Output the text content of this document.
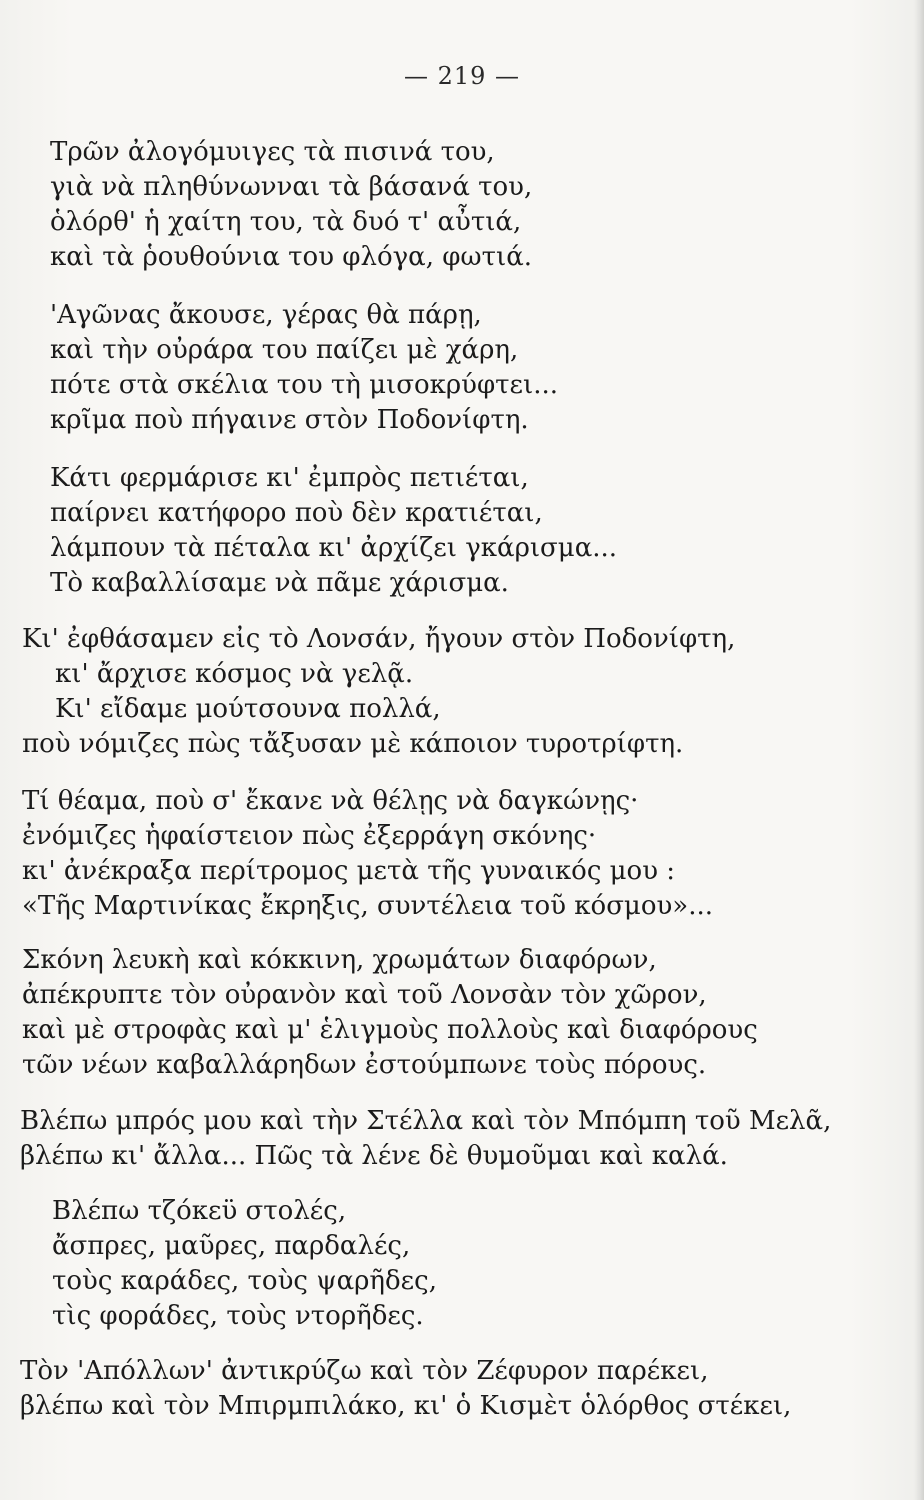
— 219 —
Τρῶν ἀλογόμυιγες τὰ πισινά του,
γιὰ νὰ πληθύνωνναι τὰ βάσανά του,
ὁλόρθ' ἡ χαίτη του, τὰ δυό τ' αὖτιά,
καὶ τὰ ῥουθούνια του φλόγα, φωτιά.
'Αγῶνας ἄκουσε, γέρας θὰ πάρῃ,
καὶ τὴν οὐράρα του παίζει μὲ χάρη,
πότε στὰ σκέλια του τὴ μισοκρύφτει...
κρῖμα ποὺ πήγαινε στὸν Ποδονίφτη.
Κάτι φερμάρισε κι' ἐμπρὸς πετιέται,
παίρνει κατήφορο ποὺ δὲν κρατιέται,
λάμπουν τὰ πέταλα κι' ἀρχίζει γκάρισμα...
Τὸ καβαλλίσαμε νὰ πᾶμε χάρισμα.
Κι' ἐφθάσαμεν εἰς τὸ Λονσάν, ἤγουν στὸν Ποδονίφτη,
κι' ἄρχισε κόσμος νὰ γελᾷ.
Κι' εἴδαμε μούτσουνα πολλά,
ποὺ νόμιζες πὼς τἄξυσαν μὲ κάποιον τυροτρίφτη.
Τί θέαμα, ποὺ σ' ἔκανε νὰ θέλῃς νὰ δαγκώνῃς·
ἐνόμιζες ἡφαίστειον πὼς ἐξερράγη σκόνης·
κι' ἀνέκραξα περίτρομος μετὰ τῆς γυναικός μου :
«Τῆς Μαρτινίκας ἔκρηξις, συντέλεια τοῦ κόσμου»...
Σκόνη λευκὴ καὶ κόκκινη, χρωμάτων διαφόρων,
ἀπέκρυπτε τὸν οὐρανὸν καὶ τοῦ Λονσὰν τὸν χῶρον,
καὶ μὲ στροφὰς καὶ μ' ἑλιγμοὺς πολλοὺς καὶ διαφόρους
τῶν νέων καβαλλάρηδων ἐστούμπωνε τοὺς πόρους.
Βλέπω μπρός μου καὶ τὴν Στέλλα καὶ τὸν Μπόμπη τοῦ Μελᾶ,
βλέπω κι' ἄλλα... Πῶς τὰ λένε δὲ θυμοῦμαι καὶ καλά.
Βλέπω τζόκεϋ στολές,
ἄσπρες, μαῦρες, παρδαλές,
τοὺς καράδες, τοὺς ψαρῆδες,
τὶς φοράδες, τοὺς ντορῆδες.
Τὸν 'Απόλλων' ἀντικρύζω καὶ τὸν Ζέφυρον παρέκει,
βλέπω καὶ τὸν Μπιρμπιλάκο, κι' ὁ Κισμὲτ ὁλόρθος στέκει,
